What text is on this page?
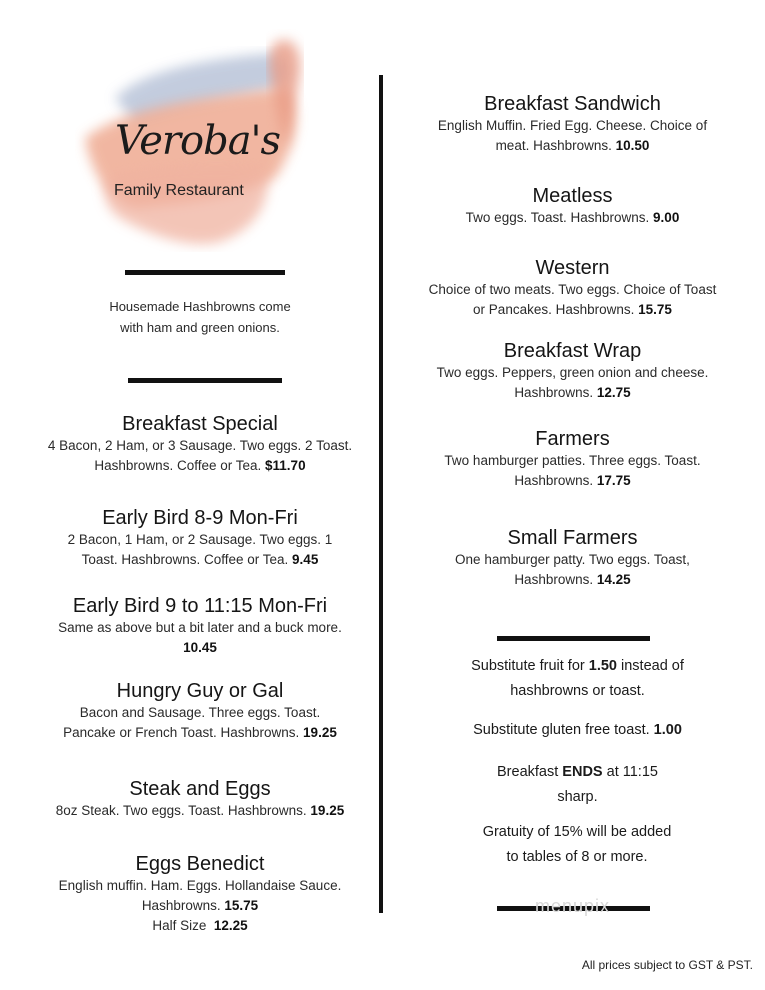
Veroba's
Family Restaurant
Housemade Hashbrowns come with ham and green onions.
Breakfast Special
4 Bacon, 2 Ham, or 3 Sausage. Two eggs. 2 Toast. Hashbrowns. Coffee or Tea. $11.70
Early Bird 8-9 Mon-Fri
2 Bacon, 1 Ham, or 2 Sausage. Two eggs. 1 Toast. Hashbrowns. Coffee or Tea. 9.45
Early Bird 9 to 11:15 Mon-Fri
Same as above but a bit later and a buck more. 10.45
Hungry Guy or Gal
Bacon and Sausage. Three eggs. Toast. Pancake or French Toast. Hashbrowns. 19.25
Steak and Eggs
8oz Steak. Two eggs. Toast. Hashbrowns. 19.25
Eggs Benedict
English muffin. Ham. Eggs. Hollandaise Sauce. Hashbrowns. 15.75
Half Size 12.25
Breakfast Sandwich
English Muffin. Fried Egg. Cheese. Choice of meat. Hashbrowns. 10.50
Meatless
Two eggs. Toast. Hashbrowns. 9.00
Western
Choice of two meats. Two eggs. Choice of Toast or Pancakes. Hashbrowns. 15.75
Breakfast Wrap
Two eggs. Peppers, green onion and cheese. Hashbrowns. 12.75
Farmers
Two hamburger patties. Three eggs. Toast. Hashbrowns. 17.75
Small Farmers
One hamburger patty. Two eggs. Toast, Hashbrowns. 14.25
Substitute fruit for 1.50 instead of hashbrowns or toast.
Substitute gluten free toast. 1.00
Breakfast ENDS at 11:15 sharp.
Gratuity of 15% will be added to tables of 8 or more.
menupix
All prices subject to GST & PST.
